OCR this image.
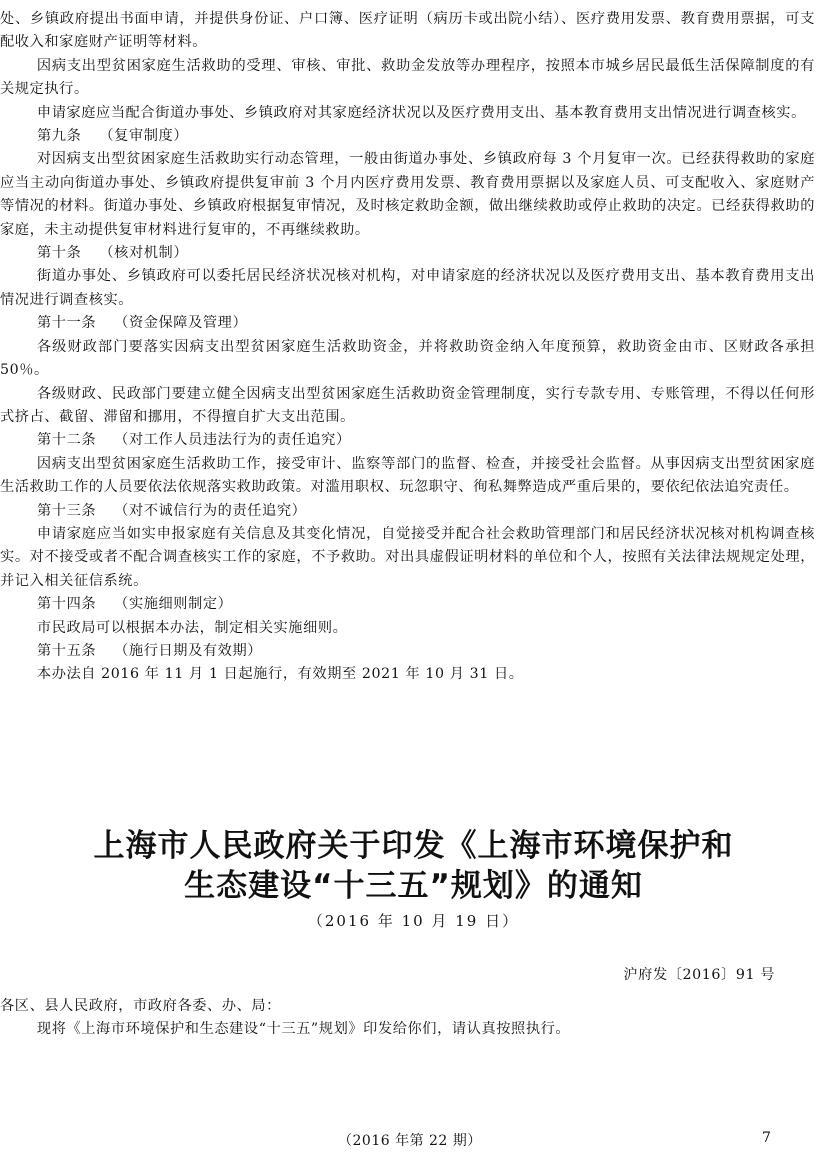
处、乡镇政府提出书面申请，并提供身份证、户口簿、医疗证明（病历卡或出院小结）、医疗费用发票、教育费用票据，可支配收入和家庭财产证明等材料。

因病支出型贫困家庭生活救助的受理、审核、审批、救助金发放等办理程序，按照本市城乡居民最低生活保障制度的有关规定执行。

申请家庭应当配合街道办事处、乡镇政府对其家庭经济状况以及医疗费用支出、基本教育费用支出情况进行调查核实。

第九条 （复审制度）

对因病支出型贫困家庭生活救助实行动态管理，一般由街道办事处、乡镇政府每 3 个月复审一次。已经获得救助的家庭应当主动向街道办事处、乡镇政府提供复审前 3 个月内医疗费用发票、教育费用票据以及家庭人员、可支配收入、家庭财产等情况的材料。街道办事处、乡镇政府根据复审情况，及时核定救助金额，做出继续救助或停止救助的决定。已经获得救助的家庭，未主动提供复审材料进行复审的，不再继续救助。

第十条 （核对机制）

街道办事处、乡镇政府可以委托居民经济状况核对机构，对申请家庭的经济状况以及医疗费用支出、基本教育费用支出情况进行调查核实。

第十一条 （资金保障及管理）

各级财政部门要落实因病支出型贫困家庭生活救助资金，并将救助资金纳入年度预算，救助资金由市、区财政各承担 50％。

各级财政、民政部门要建立健全因病支出型贫困家庭生活救助资金管理制度，实行专款专用、专账管理，不得以任何形式挤占、截留、滞留和挪用，不得擅自扩大支出范围。

第十二条 （对工作人员违法行为的责任追究）

因病支出型贫困家庭生活救助工作，接受审计、监察等部门的监督、检查，并接受社会监督。从事因病支出型贫困家庭生活救助工作的人员要依法依规落实救助政策。对滥用职权、玩忽职守、徇私舞弊造成严重后果的，要依纪依法追究责任。

第十三条 （对不诚信行为的责任追究）

申请家庭应当如实申报家庭有关信息及其变化情况，自觉接受并配合社会救助管理部门和居民经济状况核对机构调查核实。对不接受或者不配合调查核实工作的家庭，不予救助。对出具虚假证明材料的单位和个人，按照有关法律法规规定处理，并记入相关征信系统。

第十四条 （实施细则制定）

市民政局可以根据本办法，制定相关实施细则。

第十五条 （施行日期及有效期）

本办法自 2016 年 11 月 1 日起施行，有效期至 2021 年 10 月 31 日。

上海市人民政府关于印发《上海市环境保护和
生态建设“十三五”规划》的通知

（2016 年 10 月 19 日）

沪府发〔2016〕91 号

各区、县人民政府，市政府各委、办、局：

现将《上海市环境保护和生态建设“十三五”规划》印发给你们，请认真按照执行。

（2016 年第 22 期）	7
